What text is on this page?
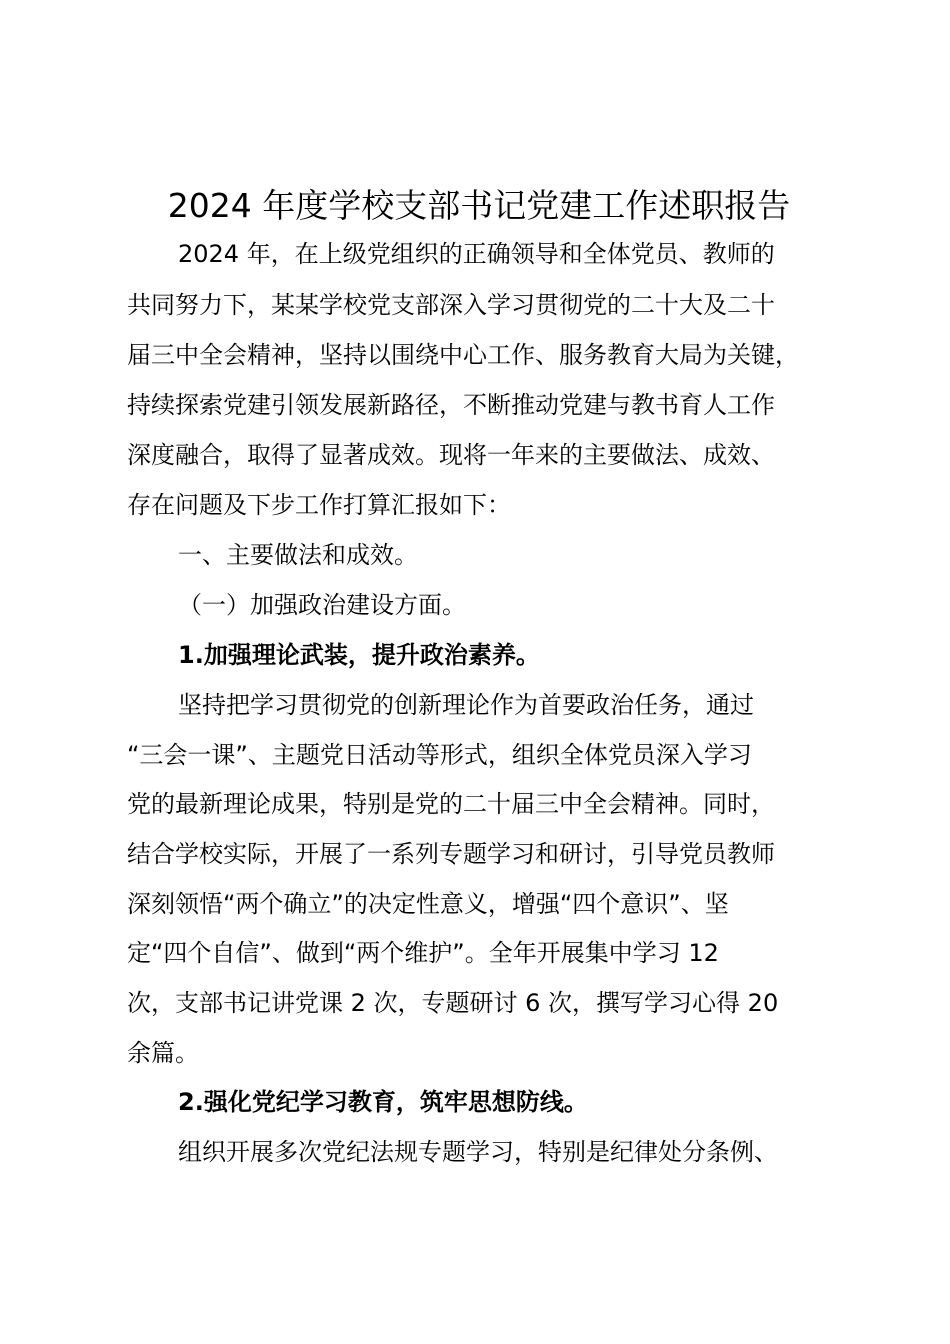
2024 年度学校支部书记党建工作述职报告

2024 年，在上级党组织的正确领导和全体党员、教师的

共同努力下，某某学校党支部深入学习贯彻党的二十大及二十

届三中全会精神，坚持以围绕中心工作、服务教育大局为关键，

持续探索党建引领发展新路径，不断推动党建与教书育人工作

深度融合，取得了显著成效。现将一年来的主要做法、成效、

存在问题及下步工作打算汇报如下：

一、主要做法和成效。

（一）加强政治建设方面。

1.加强理论武装，提升政治素养。

坚持把学习贯彻党的创新理论作为首要政治任务，通过

“三会一课”、主题党日活动等形式，组织全体党员深入学习

党的最新理论成果，特别是党的二十届三中全会精神。同时，

结合学校实际，开展了一系列专题学习和研讨，引导党员教师

深刻领悟“两个确立”的决定性意义，增强“四个意识”、坚

定“四个自信”、做到“两个维护”。全年开展集中学习 12

次，支部书记讲党课 2 次，专题研讨 6 次，撰写学习心得 20

余篇。

2.强化党纪学习教育，筑牢思想防线。

组织开展多次党纪法规专题学习，特别是纪律处分条例、
